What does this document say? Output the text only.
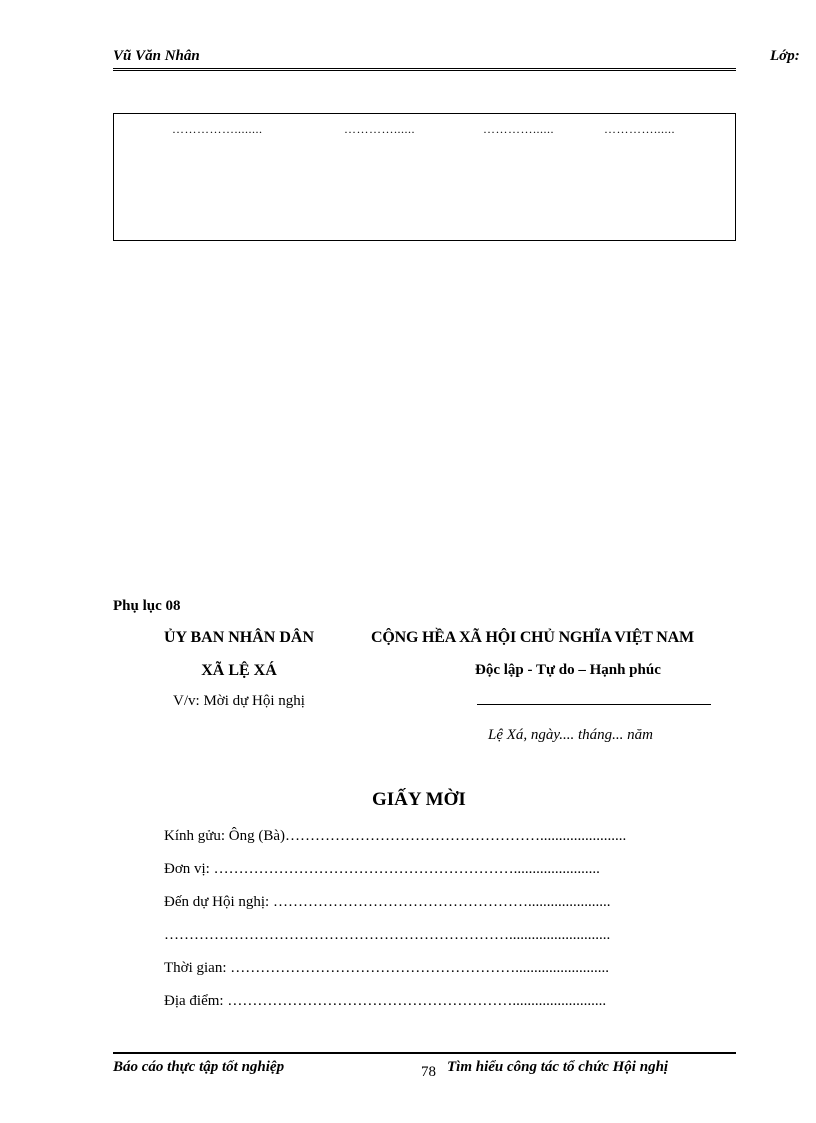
Vũ Văn Nhân	Lớp:
……………........	…………......	…………......	…………......
Phụ lục 08
ỦY BAN NHÂN DÂN
XÃ LỆ XÁ
V/v: Mời dự Hội nghị
CỘNG HỀA XÃ HỘI CHỦ NGHĨA VIỆT NAM
Độc lập - Tự do – Hạnh phúc
Lệ Xá, ngày.... tháng... năm
GIẤY MỜI
Kính gửu: Ông (Bà)…………………………………………….......................
Đơn vị: …………………………………………………….......................
Đến dự Hội nghị: ……………………………………………......................
……………………………………………………………...........................
Thời gian: ………………………………………………….........................
Địa điểm: ………………………………………………….........................
Báo cáo thực tập tốt nghiệp	78 Tìm hiểu công tác tổ chức Hội nghị
